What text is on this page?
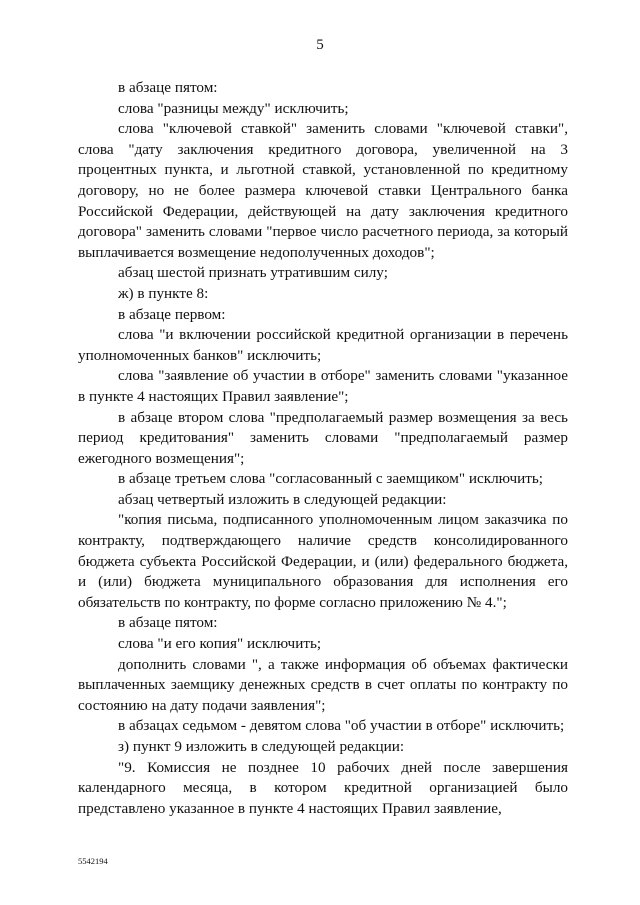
5

в абзаце пятом:

слова "разницы между" исключить;

слова "ключевой ставкой" заменить словами "ключевой ставки", слова "дату заключения кредитного договора, увеличенной на 3 процентных пункта, и льготной ставкой, установленной по кредитному договору, но не более размера ключевой ставки Центрального банка Российской Федерации, действующей на дату заключения кредитного договора" заменить словами "первое число расчетного периода, за который выплачивается возмещение недополученных доходов";

абзац шестой признать утратившим силу;

ж) в пункте 8:

в абзаце первом:

слова "и включении российской кредитной организации в перечень уполномоченных банков" исключить;

слова "заявление об участии в отборе" заменить словами "указанное в пункте 4 настоящих Правил заявление";

в абзаце втором слова "предполагаемый размер возмещения за весь период кредитования" заменить словами "предполагаемый размер ежегодного возмещения";

в абзаце третьем слова "согласованный с заемщиком" исключить;

абзац четвертый изложить в следующей редакции:

"копия письма, подписанного уполномоченным лицом заказчика по контракту, подтверждающего наличие средств консолидированного бюджета субъекта Российской Федерации, и (или) федерального бюджета, и (или) бюджета муниципального образования для исполнения его обязательств по контракту, по форме согласно приложению № 4.";

в абзаце пятом:

слова "и его копия" исключить;

дополнить словами ", а также информация об объемах фактически выплаченных заемщику денежных средств в счет оплаты по контракту по состоянию на дату подачи заявления";

в абзацах седьмом - девятом слова "об участии в отборе" исключить;

з) пункт 9 изложить в следующей редакции:

"9. Комиссия не позднее 10 рабочих дней после завершения календарного месяца, в котором кредитной организацией было представлено указанное в пункте 4 настоящих Правил заявление,

5542194
